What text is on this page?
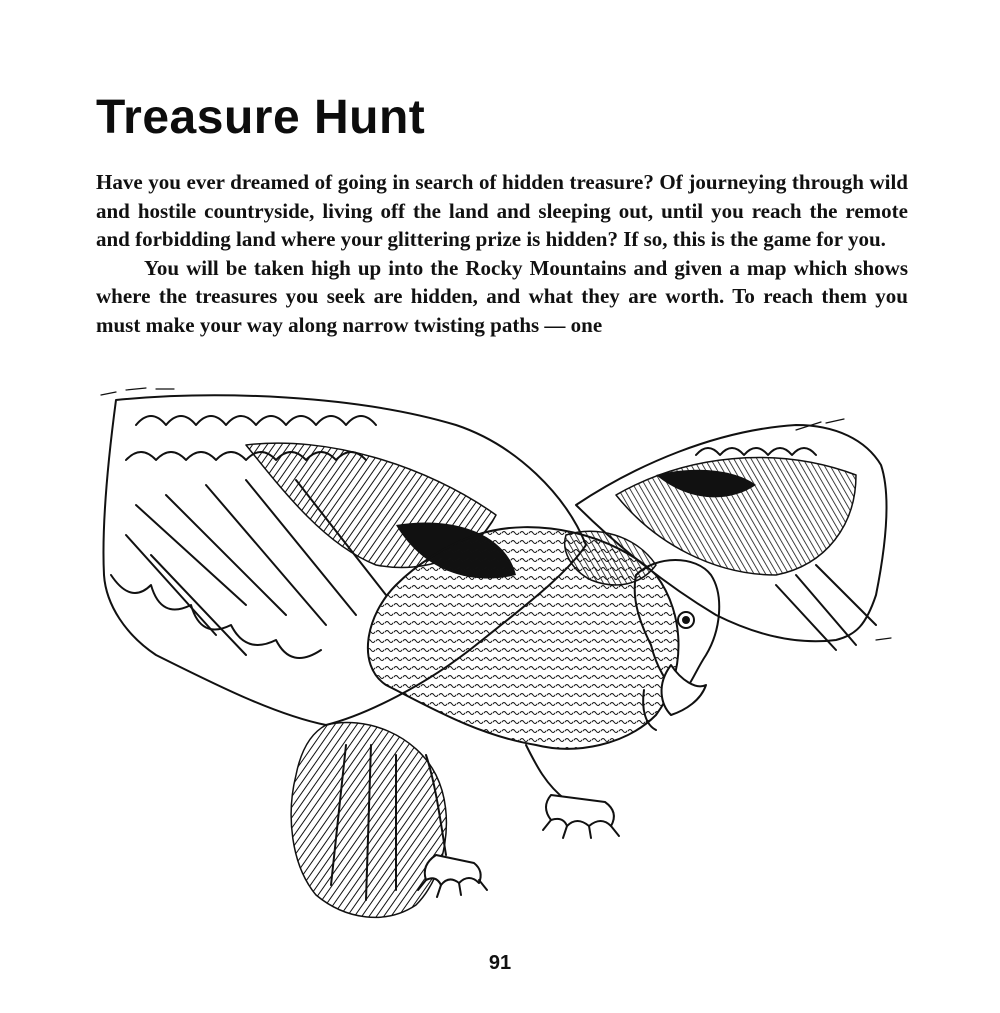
Treasure Hunt

Have you ever dreamed of going in search of hidden treasure? Of journeying through wild and hostile countryside, living off the land and sleeping out, until you reach the remote and forbidding land where your glittering prize is hidden? If so, this is the game for you.

You will be taken high up into the Rocky Mountains and given a map which shows where the treasures you seek are hidden, and what they are worth. To reach them you must make your way along narrow twisting paths — one

91
